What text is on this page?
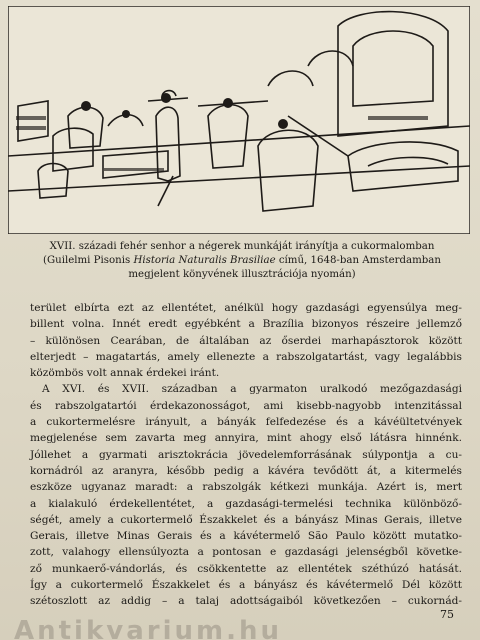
XVII. századi fehér senhor a négerek munkáját irányítja a cukormalomban
(Guilelmi Pisonis Historia Naturalis Brasiliae című, 1648-ban Amsterdamban
megjelent könyvének illusztrációja nyomán)

terület elbírta ezt az ellentétet, anélkül hogy gazdasági egyensúlya meg-
billent volna. Innét eredt egyébként a Brazília bizonyos részeire jellemző
– különösen Cearában, de általában az őserdei marhapásztorok között
elterjedt – magatartás, amely ellenezte a rabszolgatartást, vagy legalábbis
közömbös volt annak érdekei iránt.

A XVI. és XVII. században a gyarmaton uralkodó mezőgazdasági
és rabszolgatartói érdekazonosságot, ami kisebb-nagyobb intenzitással
a cukortermelésre irányult, a bányák felfedezése és a kávéültetvények
megjelenése sem zavarta meg annyira, mint ahogy első látásra hinnénk.
Jóllehet a gyarmati arisztokrácia jövedelemforrásának súlypontja a cu-
kornádról az aranyra, később pedig a kávéra tevődött át, a kitermelés
eszköze ugyanaz maradt: a rabszolgák kétkezi munkája. Azért is, mert
a kialakuló érdekellentétet, a gazdasági-termelési technika különböző-
ségét, amely a cukortermelő Északkelet és a bányász Minas Gerais, illetve
Gerais, illetve Minas Gerais és a kávétermelő São Paulo között mutatko-
zott, valahogy ellensúlyozta a pontosan e gazdasági jelenségből követke-
ző munkaerő-vándorlás, és csökkentette az ellentétek széthúzó hatását.
Így a cukortermelő Északkelet és a bányász és kávétermelő Dél között
szétoszlott az addig – a talaj adottságaiból következően – cukornád-

75
Antikvarium.hu
